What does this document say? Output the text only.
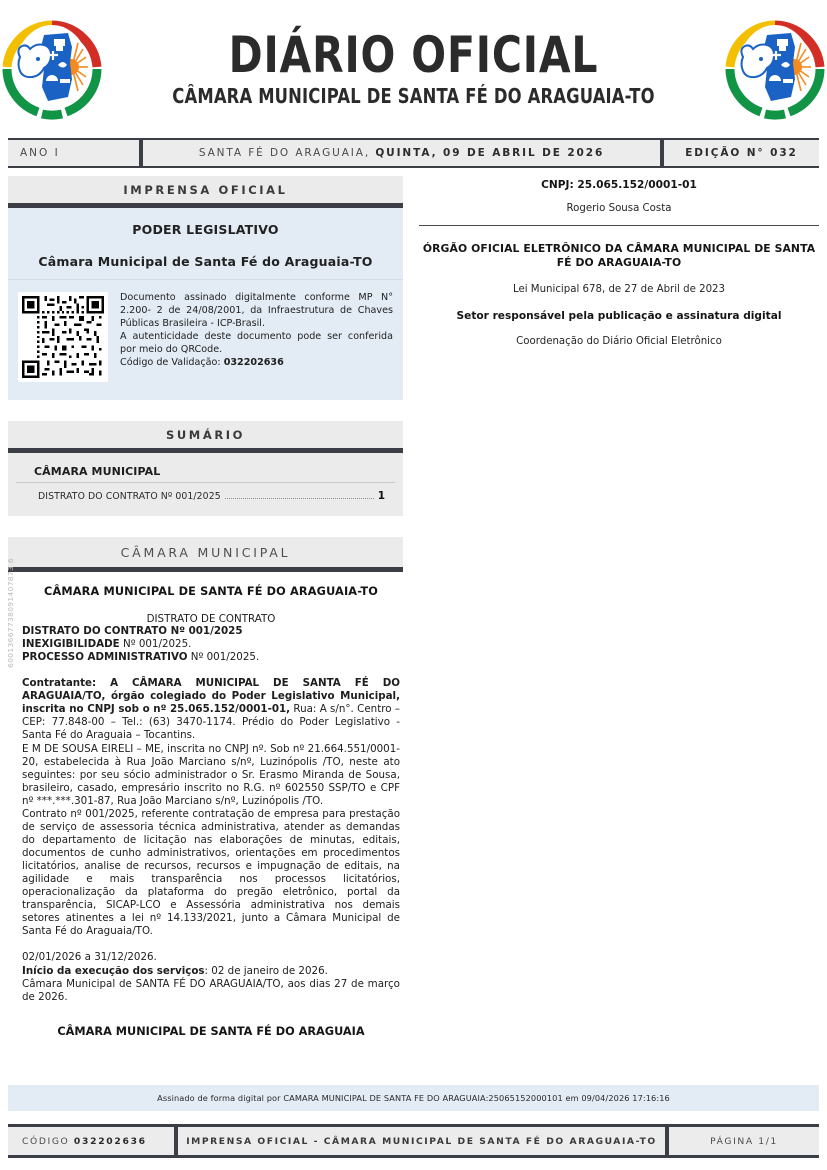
DIÁRIO OFICIAL
CÂMARA MUNICIPAL DE SANTA FÉ DO ARAGUAIA-TO
ANO I	SANTA FÉ DO ARAGUAIA,
QUINTA, 09 DE ABRIL DE 2026	EDIÇÃO N° 032
IMPRENSA OFICIAL
PODER LEGISLATIVO
Câmara Municipal de Santa Fé do Araguaia-TO
Documento assinado digitalmente conforme MP N° 2.200- 2 de 24/08/2001, da Infraestrutura de Chaves Públicas Brasileira - ICP-Brasil.
A autenticidade deste documento pode ser conferida por meio do QRCode.
Código de Validação: 032202636
SUMÁRIO
CÂMARA MUNICIPAL
DISTRATO DO CONTRATO Nº 001/2025	1
CÂMARA MUNICIPAL
60013667738091407873 6	CÂMARA MUNICIPAL DE SANTA FÉ DO ARAGUAIA-TO
DISTRATO DE CONTRATO

DISTRATO DO CONTRATO Nº 001/2025

INEXIGIBILIDADE Nº 001/2025.

PROCESSO ADMINISTRATIVO Nº 001/2025.

Contratante: A CÂMARA MUNICIPAL DE SANTA FÉ DO ARAGUAIA/TO, órgão colegiado do Poder Legislativo Municipal, inscrita no CNPJ sob o nº 25.065.152/0001-01, Rua: A s/n°. Centro – CEP: 77.848-00 – Tel.: (63) 3470-1174. Prédio do Poder Legislativo - Santa Fé do Araguaia – Tocantins.

E M DE SOUSA EIRELI – ME, inscrita no CNPJ nº. Sob nº 21.664.551/0001-20, estabelecida à Rua João Marciano s/nº, Luzinópolis /TO, neste ato seguintes: por seu sócio administrador o Sr. Erasmo Miranda de Sousa, brasileiro, casado, empresário inscrito no R.G. nº 602550 SSP/TO e CPF nº ***.***.301-87, Rua João Marciano s/nº, Luzinópolis /TO.

Contrato nº 001/2025, referente contratação de empresa para prestação de serviço de assessoria técnica administrativa, atender as demandas do departamento de licitação nas elaborações de minutas, editais, documentos de cunho administrativos, orientações em procedimentos licitatórios, analise de recursos, recursos e impugnação de editais, na agilidade e mais transparência nos processos licitatórios, operacionalização da plataforma do pregão eletrônico, portal da transparência, SICAP-LCO e Assessória administrativa nos demais setores atinentes a lei nº 14.133/2021, junto a Câmara Municipal de Santa Fé do Araguaia/TO.

02/01/2026 a 31/12/2026.

Início da execução dos serviços: 02 de janeiro de 2026.

Câmara Municipal de SANTA FÉ DO ARAGUAIA/TO, aos dias 27 de março de 2026.

CÂMARA MUNICIPAL DE SANTA FÉ DO ARAGUAIA
CNPJ: 25.065.152/0001-01
Rogerio Sousa Costa
ÓRGÃO OFICIAL ELETRÔNICO DA CÂMARA MUNICIPAL DE SANTA FÉ DO ARAGUAIA-TO
Lei Municipal 678, de 27 de Abril de 2023
Setor responsável pela publicação e assinatura digital
Coordenação do Diário Oficial Eletrônico
Assinado de forma digital por CAMARA MUNICIPAL DE SANTA FE DO ARAGUAIA:25065152000101 em 09/04/2026 17:16:16
CÓDIGO
032202636	IMPRENSA OFICIAL - CÂMARA MUNICIPAL DE SANTA FÉ DO ARAGUAIA-TO	PÁGINA 1/1
